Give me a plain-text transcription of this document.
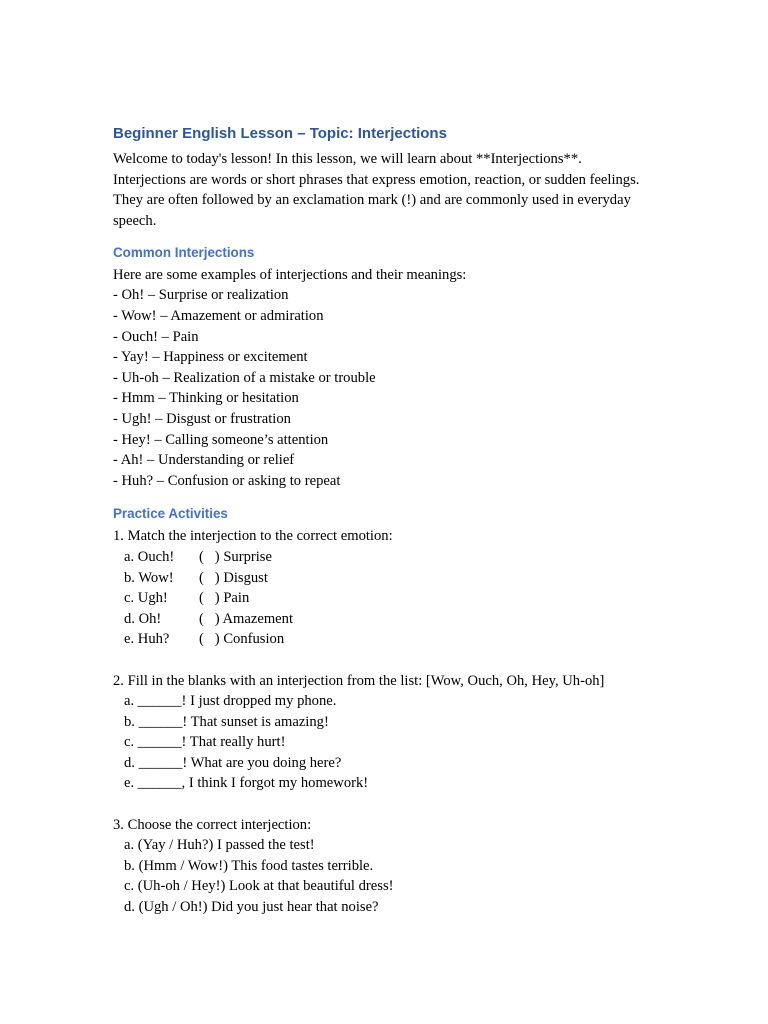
Beginner English Lesson – Topic: Interjections

Welcome to today's lesson! In this lesson, we will learn about **Interjections**. Interjections are words or short phrases that express emotion, reaction, or sudden feelings. They are often followed by an exclamation mark (!) and are commonly used in everyday speech.

Common Interjections
Here are some examples of interjections and their meanings:
- Oh! – Surprise or realization
- Wow! – Amazement or admiration
- Ouch! – Pain
- Yay! – Happiness or excitement
- Uh-oh – Realization of a mistake or trouble
- Hmm – Thinking or hesitation
- Ugh! – Disgust or frustration
- Hey! – Calling someone’s attention
- Ah! – Understanding or relief
- Huh? – Confusion or asking to repeat
Practice Activities
1. Match the interjection to the correct emotion:
a. Ouch! (   ) Surprise
b. Wow! (   ) Disgust
c. Ugh! (   ) Pain
d. Oh!	(   ) Amazement
e. Huh? (   ) Confusion
2. Fill in the blanks with an interjection from the list: [Wow, Ouch, Oh, Hey, Uh-oh]
a. ______! I just dropped my phone.
b. ______! That sunset is amazing!
c. ______! That really hurt!
d. ______! What are you doing here?
e. ______, I think I forgot my homework!
3. Choose the correct interjection:
a. (Yay / Huh?) I passed the test!
b. (Hmm / Wow!) This food tastes terrible.
c. (Uh-oh / Hey!) Look at that beautiful dress!
d. (Ugh / Oh!) Did you just hear that noise?
